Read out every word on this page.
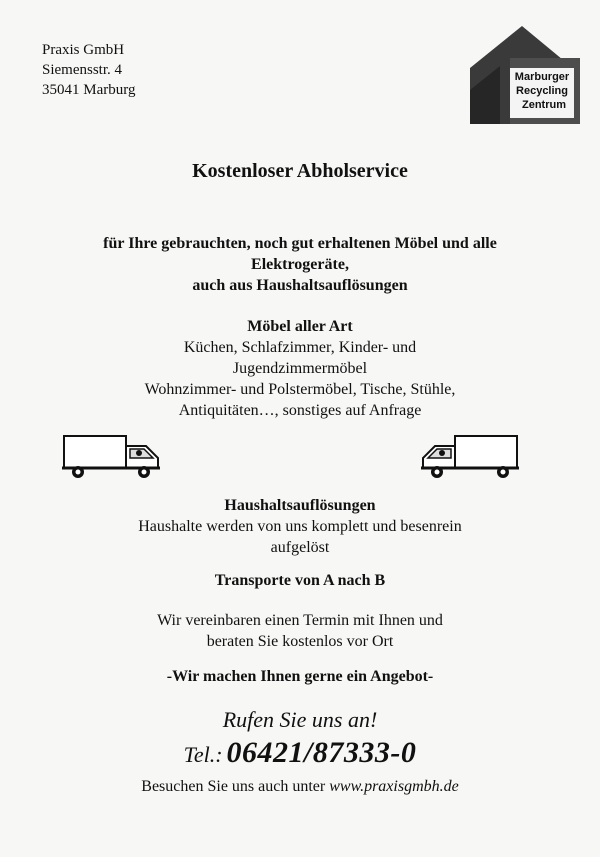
Praxis GmbH
Siemensstr. 4
35041 Marburg
Marburger
Recycling
Zentrum
Kostenloser Abholservice
für Ihre gebrauchten, noch gut erhaltenen Möbel und alle
Elektrogeräte,
auch aus Haushaltsauflösungen
Möbel aller Art
Küchen, Schlafzimmer, Kinder- und
Jugendzimmermöbel
Wohnzimmer- und Polstermöbel, Tische, Stühle,
Antiquitäten…, sonstiges auf Anfrage
Haushaltsauflösungen
Haushalte werden von uns komplett und besenrein
aufgelöst
Transporte von A nach B
Wir vereinbaren einen Termin mit Ihnen und
beraten Sie kostenlos vor Ort
-Wir machen Ihnen gerne ein Angebot-
Rufen Sie uns an!
Tel.: 06421/87333-0
Besuchen Sie uns auch unter www.praxisgmbh.de
